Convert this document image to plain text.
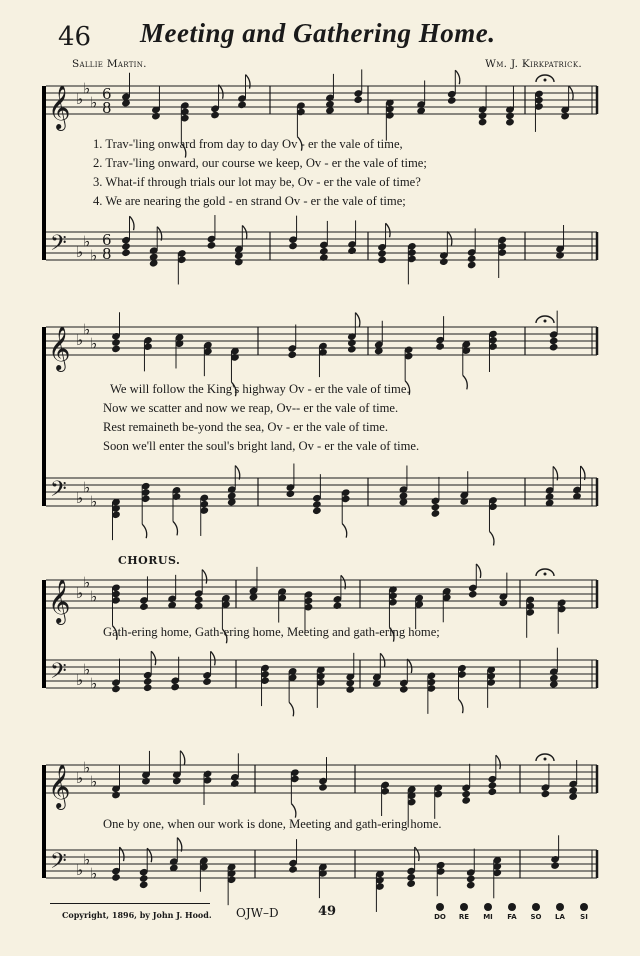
46 Meeting and Gathering Home.
Sallie Martin.	Wm. J. Kirkpatrick.
𝄞 ♭
♭
♭ 6
8
𝄢 ♭
♭
♭
6
8
𝄞 ♭
♭
♭
𝄢 ♭
♭
♭
𝄞 ♭
♭
♭
𝄢 ♭
♭
♭
𝄞 ♭
♭
♭
𝄢 ♭
♭
♭
1. Trav-'ling onward from day to day Ov - er the vale of time,
2. Trav-'ling onward, our course we keep, Ov - er the vale of time;
3. What-if through trials our lot may be, Ov - er the vale of time?
4. We are nearing the gold - en strand Ov - er the vale of time;
We will follow the King's highway Ov - er the vale of time.
Now we scatter and now we reap, Ov-- er the vale of time.
Rest remaineth be-yond the sea, Ov - er the vale of time.
Soon we'll enter the soul's bright land, Ov - er the vale of time.
CHORUS.
Gath-ering home, Gath-ering home, Meeting and gath-ering home;
One by one, when our work is done, Meeting and gath-ering home.
Copyright, 1896, by John J. Hood. OJW–D	49	DO	RE	MI	FA	SO	LA	SI
